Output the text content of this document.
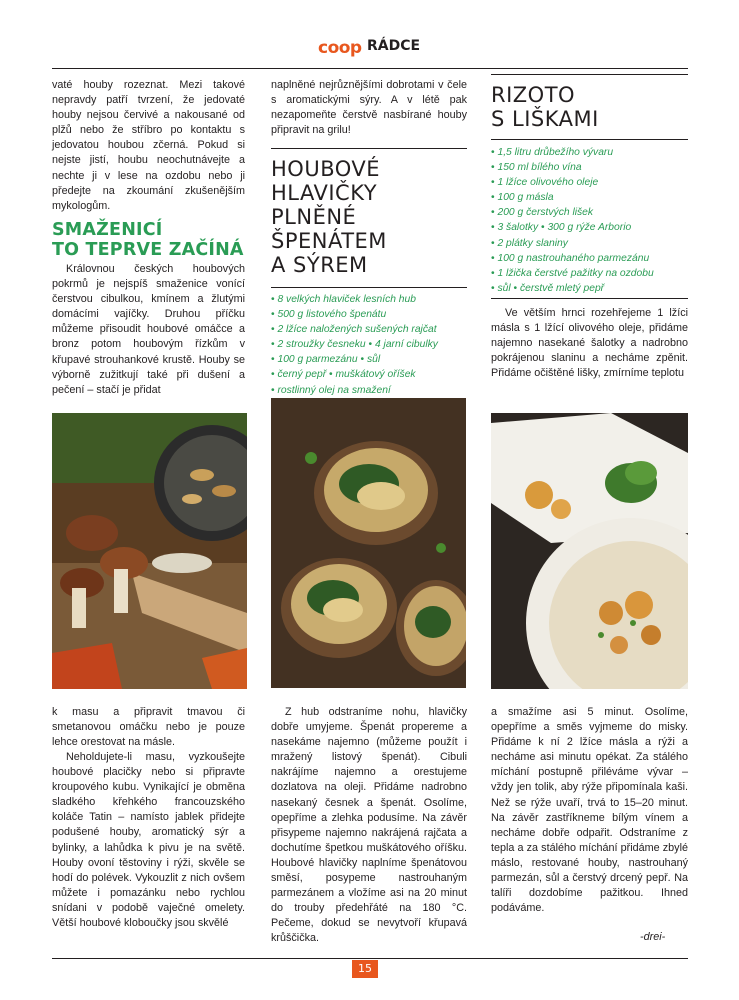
coop RÁDCE
vaté houby rozeznat. Mezi takové nepravdy patří tvrzení, že jedovaté houby nejsou červivé a nakousané od plžů nebo že stříbro po kontaktu s jedovatou houbou zčerná. Pokud si nejste jistí, houbu neochutnávejte a nechte ji v lese na ozdobu nebo ji předejte na zkoumání zkušenějším mykologům.
SMAŽENICÍ
TO TEPRVE ZAČÍNÁ
Královnou českých houbových pokrmů je nejspíš smaženice vonící čerstvou cibulkou, kmínem a žlutými domácími vajíčky. Druhou příčku můžeme přisoudit houbové omáčce a bronz potom houbovým řízkům v křupavé strouhankové krustě. Houby se výborně zužitkují také při dušení a pečení – stačí je přidat
k masu a připravit tmavou či smetanovou omáčku nebo je pouze lehce orestovat na másle.
Neholdujete-li masu, vyzkoušejte houbové placičky nebo si připravte kroupového kubu. Vynikající je obměna sladkého křehkého francouzského koláče Tatin – namísto jablek přidejte podušené houby, aromatický sýr a bylinky, a lahůdka k pivu je na světě. Houby ovoní těstoviny i rýži, skvěle se hodí do polévek. Vykouzlit z nich ovšem můžete i pomazánku nebo rychlou snídani v podobě vaječné omelety. Větší houbové kloboučky jsou skvělé
naplněné nejrůznějšími dobrotami v čele s aromatickými sýry. A v létě pak nezapomeňte čerstvě nasbírané houby připravit na grilu!
HOUBOVÉ
HLAVIČKY
PLNĚNÉ
ŠPENÁTEM
A SÝREM
• 8 velkých hlaviček lesních hub
• 500 g listového špenátu
• 2 lžíce naložených sušených rajčat
• 2 stroužky česneku • 4 jarní cibulky
• 100 g parmezánu • sůl
• černý pepř • muškátový oříšek
• rostlinný olej na smažení
Z hub odstraníme nohu, hlavičky dobře umyjeme. Špenát propereme a nasekáme najemno (můžeme použít i mražený listový špenát). Cibuli nakrájíme najemno a orestujeme dozlatova na oleji. Přidáme nadrobno nasekaný česnek a špenát. Osolíme, opepříme a zlehka podusíme. Na závěr přisypeme najemno nakrájená rajčata a dochutíme špetkou muškátového oříšku. Houbové hlavičky naplníme špenátovou směsí, posypeme nastrouhaným parmezánem a vložíme asi na 20 minut do trouby předehřáté na 180 °C. Pečeme, dokud se nevytvoří křupavá krůščička.
RIZOTO
S LIŠKAMI
• 1,5 litru drůbežího vývaru
• 150 ml bílého vína
• 1 lžíce olivového oleje
• 100 g másla
• 200 g čerstvých lišek
• 3 šalotky • 300 g rýže Arborio
• 2 plátky slaniny
• 100 g nastrouhaného parmezánu
• 1 lžička čerstvé pažitky na ozdobu
• sůl • čerstvě mletý pepř
Ve větším hrnci rozehřejeme 1 lžíci másla s 1 lžící olivového oleje, přidáme najemno nasekané šalotky a nadrobno pokrájenou slaninu a necháme zpěnit. Přidáme očištěné lišky, zmírníme teplotu
a smažíme asi 5 minut. Osolíme, opepříme a směs vyjmeme do misky. Přidáme k ní 2 lžíce másla a rýži a necháme asi minutu opékat. Za stálého míchání postupně přiléváme vývar – vždy jen tolik, aby rýže připomínala kaši. Než se rýže uvaří, trvá to 15–20 minut. Na závěr zastříkneme bílým vínem a necháme dobře odpařit. Odstraníme z tepla a za stálého míchání přidáme zbylé máslo, restované houby, nastrouhaný parmezán, sůl a čerstvý drcený pepř. Na talíři dozdobíme pažitkou. Ihned podáváme.
-drei-
15
